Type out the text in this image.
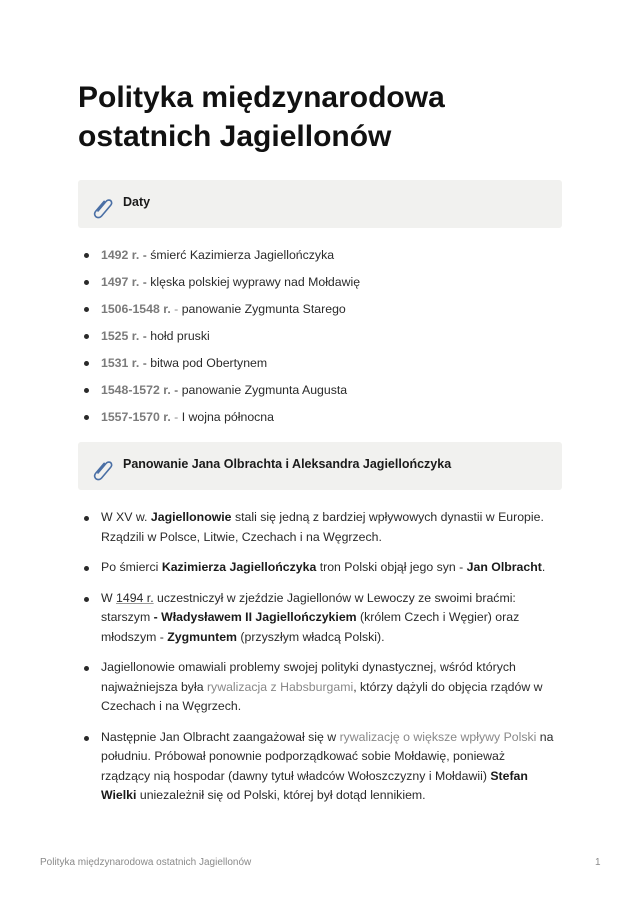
Polityka międzynarodowa ostatnich Jagiellonów
Daty
1492 r. - śmierć Kazimierza Jagiellończyka
1497 r. - klęska polskiej wyprawy nad Mołdawię
1506-1548 r. - panowanie Zygmunta Starego
1525 r. - hołd pruski
1531 r. - bitwa pod Obertynem
1548-1572 r. - panowanie Zygmunta Augusta
1557-1570 r. - I wojna północna
Panowanie Jana Olbrachta i Aleksandra Jagiellończyka
W XV w. Jagiellonowie stali się jedną z bardziej wpływowych dynastii w Europie. Rządzili w Polsce, Litwie, Czechach i na Węgrzech.
Po śmierci Kazimierza Jagiellończyka tron Polski objął jego syn - Jan Olbracht.
W 1494 r. uczestniczył w zjeździe Jagiellonów w Lewoczy ze swoimi braćmi: starszym - Władysławem II Jagiellończykiem (królem Czech i Węgier) oraz młodszym - Zygmuntem (przyszłym władcą Polski).
Jagiellonowie omawiali problemy swojej polityki dynastycznej, wśród których najważniejsza była rywalizacja z Habsburgami, którzy dążyli do objęcia rządów w Czechach i na Węgrzech.
Następnie Jan Olbracht zaangażował się w rywalizację o większe wpływy Polski na południu. Próbował ponownie podporządkować sobie Mołdawię, ponieważ rządzący nią hospodar (dawny tytuł władców Wołoszczyzny i Mołdawii) Stefan Wielki uniezależnił się od Polski, której był dotąd lennikiem.
Polityka międzynarodowa ostatnich Jagiellonów	1
